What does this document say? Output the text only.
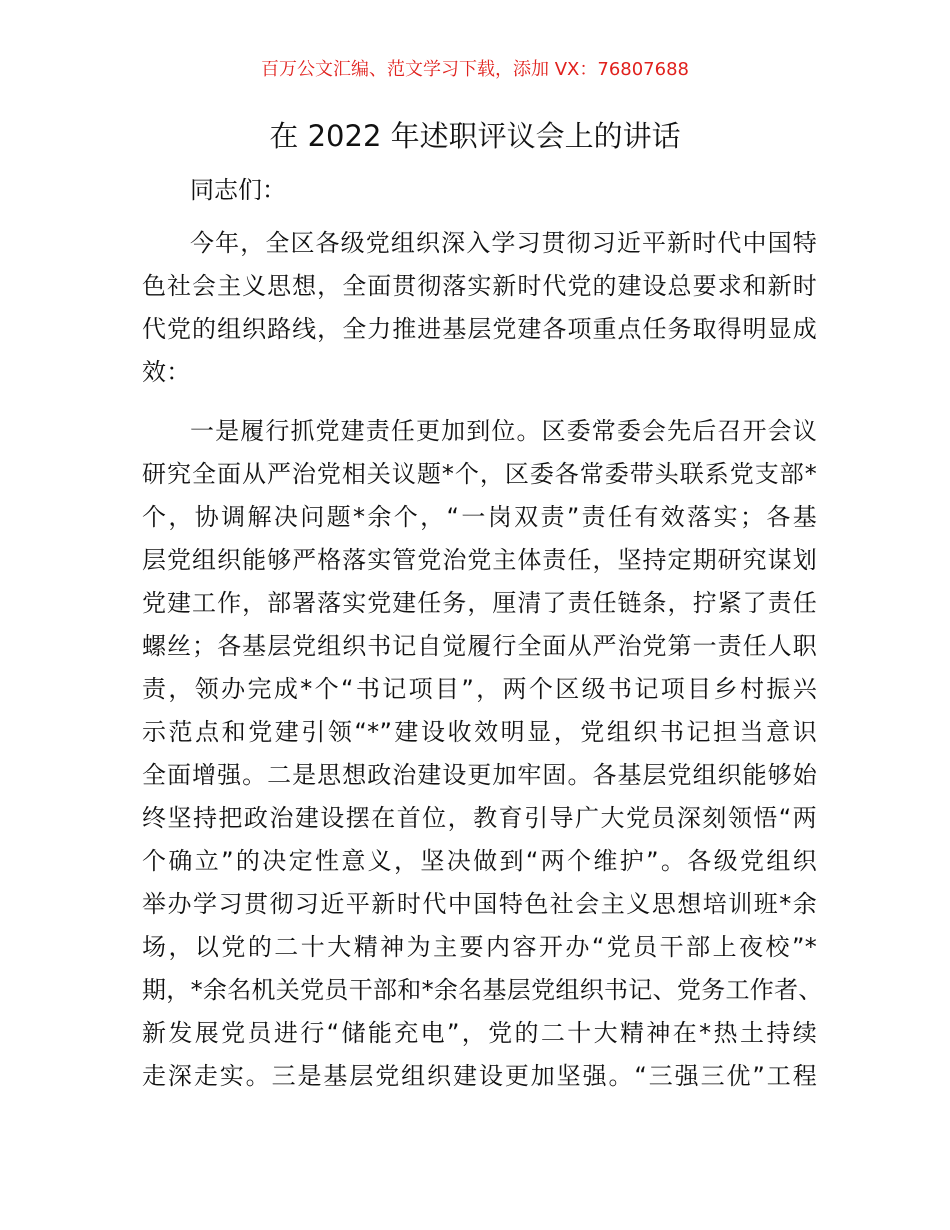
百万公文汇编、范文学习下载，添加 VX：76807688
在 2022 年述职评议会上的讲话
同志们：
今年，全区各级党组织深入学习贯彻习近平新时代中国特
色社会主义思想，全面贯彻落实新时代党的建设总要求和新时
代党的组织路线，全力推进基层党建各项重点任务取得明显成
效：
一是履行抓党建责任更加到位。区委常委会先后召开会议
研究全面从严治党相关议题*个，区委各常委带头联系党支部*
个，协调解决问题*余个，“一岗双责”责任有效落实；各基
层党组织能够严格落实管党治党主体责任，坚持定期研究谋划
党建工作，部署落实党建任务，厘清了责任链条，拧紧了责任
螺丝；各基层党组织书记自觉履行全面从严治党第一责任人职
责，领办完成*个“书记项目”，两个区级书记项目乡村振兴
示范点和党建引领“*”建设收效明显，党组织书记担当意识
全面增强。二是思想政治建设更加牢固。各基层党组织能够始
终坚持把政治建设摆在首位，教育引导广大党员深刻领悟“两
个确立”的决定性意义，坚决做到“两个维护”。各级党组织
举办学习贯彻习近平新时代中国特色社会主义思想培训班*余
场，以党的二十大精神为主要内容开办“党员干部上夜校”*
期，*余名机关党员干部和*余名基层党组织书记、党务工作者、
新发展党员进行“储能充电”，党的二十大精神在*热土持续
走深走实。三是基层党组织建设更加坚强。“三强三优”工程
